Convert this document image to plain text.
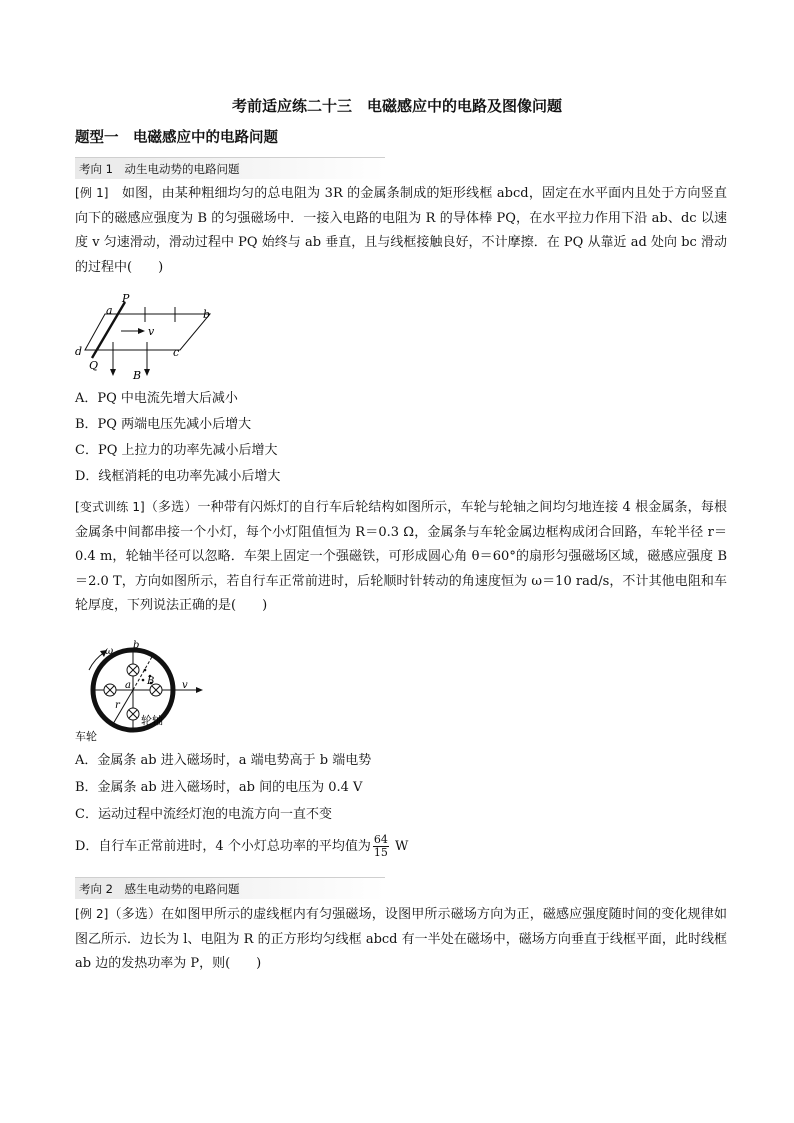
考前适应练二十三　电磁感应中的电路及图像问题
题型一　电磁感应中的电路问题
考向 1　动生电动势的电路问题
[例 1]　如图，由某种粗细均匀的总电阻为 3R 的金属条制成的矩形线框 abcd，固定在水平面内且处于方向竖直向下的磁感应强度为 B 的匀强磁场中．一接入电路的电阻为 R 的导体棒 PQ，在水平拉力作用下沿 ab、dc 以速度 v 匀速滑动，滑动过程中 PQ 始终与 ab 垂直，且与线框接触良好，不计摩擦．在 PQ 从靠近 ad 处向 bc 滑动的过程中(　　)
P
a	b
d	c
Q
v
B
A．PQ 中电流先增大后减小
B．PQ 两端电压先减小后增大
C．PQ 上拉力的功率先减小后增大
D．线框消耗的电功率先减小后增大
[变式训练 1]（多选）一种带有闪烁灯的自行车后轮结构如图所示，车轮与轮轴之间均匀地连接 4 根金属条，每根金属条中间都串接一个小灯，每个小灯阻值恒为 R＝0.3 Ω，金属条与车轮金属边框构成闭合回路，车轮半径 r＝0.4 m，轮轴半径可以忽略．车架上固定一个强磁铁，可形成圆心角 θ＝60°的扇形匀强磁场区域，磁感应强度 B＝2.0 T，方向如图所示，若自行车正常前进时，后轮顺时针转动的角速度恒为 ω＝10 rad/s，不计其他电阻和车轮厚度，下列说法正确的是(　　)
ω
b
B
a	v
r
轮轴
车轮
A．金属条 ab 进入磁场时，a 端电势高于 b 端电势
B．金属条 ab 进入磁场时，ab 间的电压为 0.4 V
C．运动过程中流经灯泡的电流方向一直不变
D．自行车正常前进时，4 个小灯总功率的平均值为 $\frac{64}{15}$ W
考向 2　感生电动势的电路问题
[例 2]（多选）在如图甲所示的虚线框内有匀强磁场，设图甲所示磁场方向为正，磁感应强度随时间的变化规律如图乙所示．边长为 l、电阻为 R 的正方形均匀线框 abcd 有一半处在磁场中，磁场方向垂直于线框平面，此时线框 ab 边的发热功率为 P，则(　　)
